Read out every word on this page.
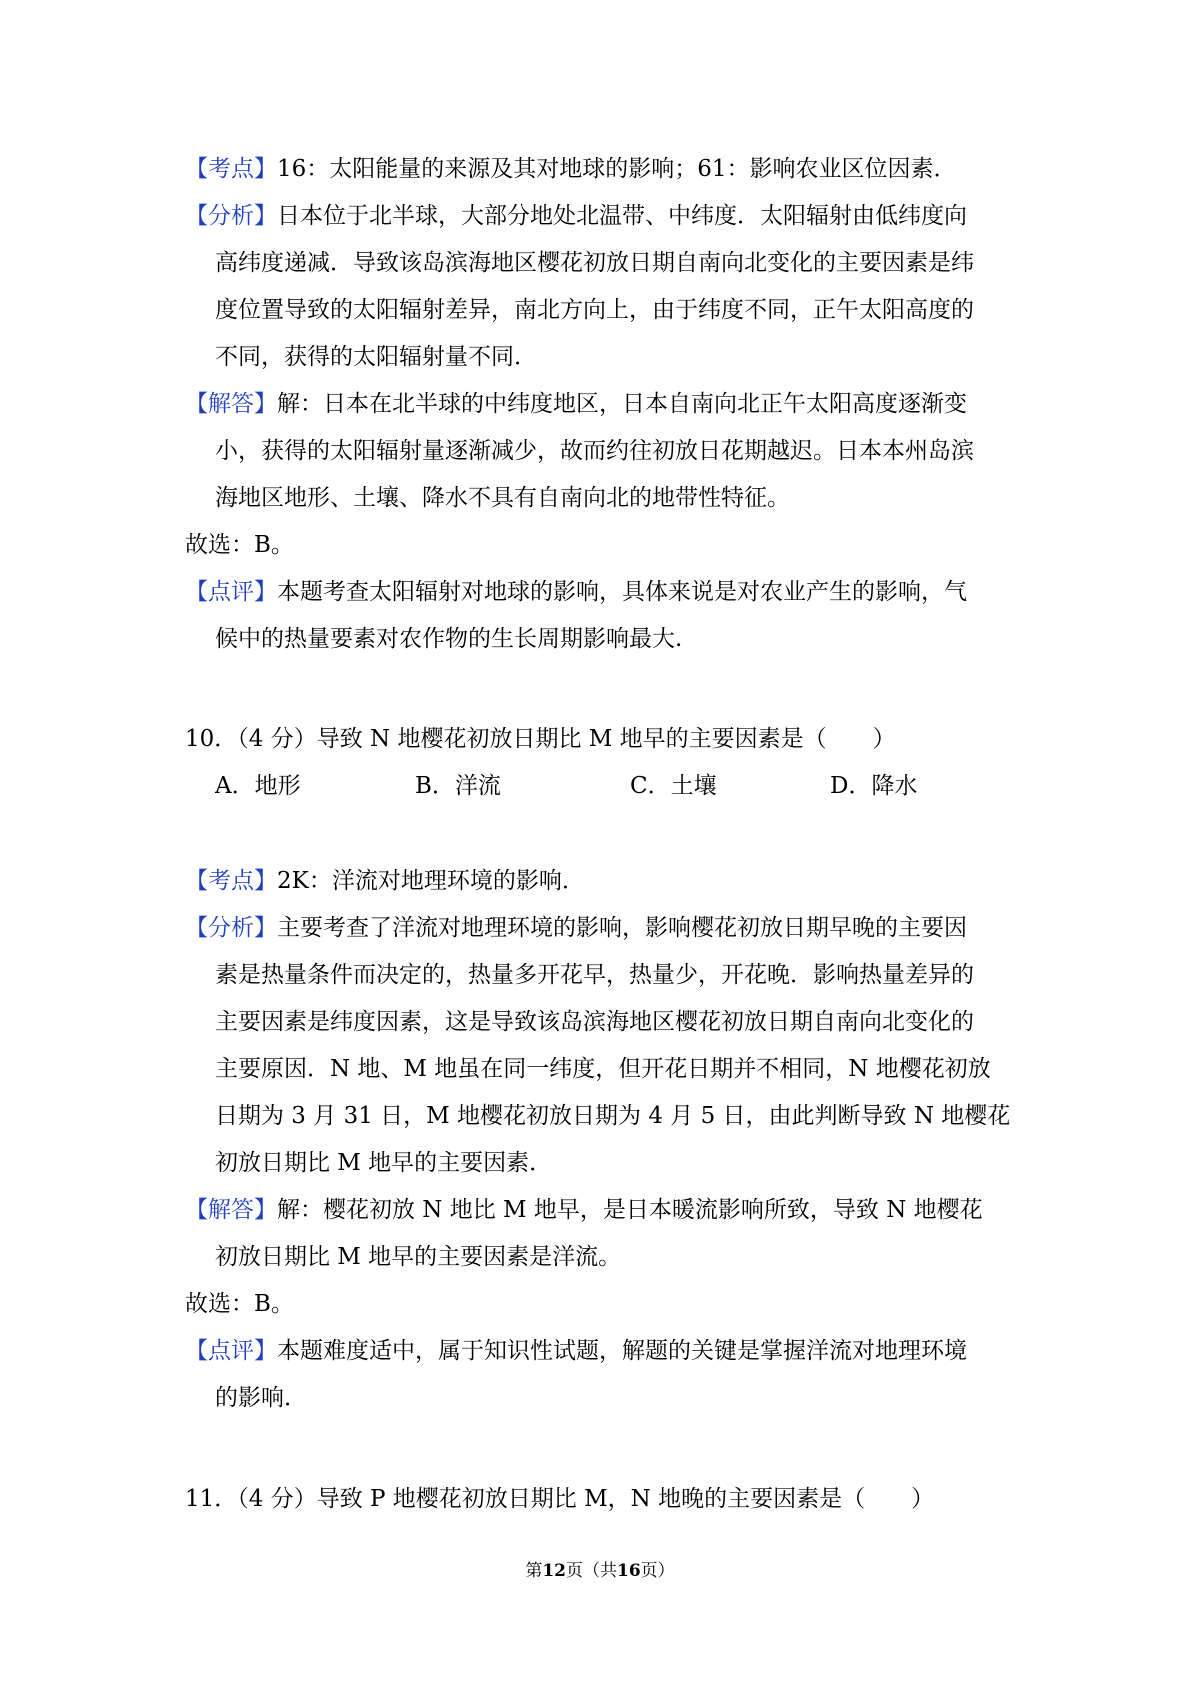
【考点】16：太阳能量的来源及其对地球的影响；61：影响农业区位因素．
【分析】日本位于北半球，大部分地处北温带、中纬度．太阳辐射由低纬度向
高纬度递减．导致该岛滨海地区樱花初放日期自南向北变化的主要因素是纬
度位置导致的太阳辐射差异，南北方向上，由于纬度不同，正午太阳高度的
不同，获得的太阳辐射量不同．
【解答】解：日本在北半球的中纬度地区，日本自南向北正午太阳高度逐渐变
小，获得的太阳辐射量逐渐减少，故而约往初放日花期越迟。日本本州岛滨
海地区地形、土壤、降水不具有自南向北的地带性特征。
故选：B。
【点评】本题考查太阳辐射对地球的影响，具体来说是对农业产生的影响，气
候中的热量要素对农作物的生长周期影响最大.
10．（4 分）导致 N 地樱花初放日期比 M 地早的主要因素是（　　）
A．地形	B．洋流	C．土壤	D．降水
【考点】2K：洋流对地理环境的影响．
【分析】主要考查了洋流对地理环境的影响，影响樱花初放日期早晚的主要因
素是热量条件而决定的，热量多开花早，热量少，开花晚．影响热量差异的
主要因素是纬度因素，这是导致该岛滨海地区樱花初放日期自南向北变化的
主要原因．N 地、M 地虽在同一纬度，但开花日期并不相同，N 地樱花初放
日期为 3 月 31 日，M 地樱花初放日期为 4 月 5 日，由此判断导致 N 地樱花
初放日期比 M 地早的主要因素．
【解答】解：樱花初放 N 地比 M 地早，是日本暖流影响所致，导致 N 地樱花
初放日期比 M 地早的主要因素是洋流。
故选：B。
【点评】本题难度适中，属于知识性试题，解题的关键是掌握洋流对地理环境
的影响．
11．（4 分）导致 P 地樱花初放日期比 M，N 地晚的主要因素是（　　）
第12页（共16页）
